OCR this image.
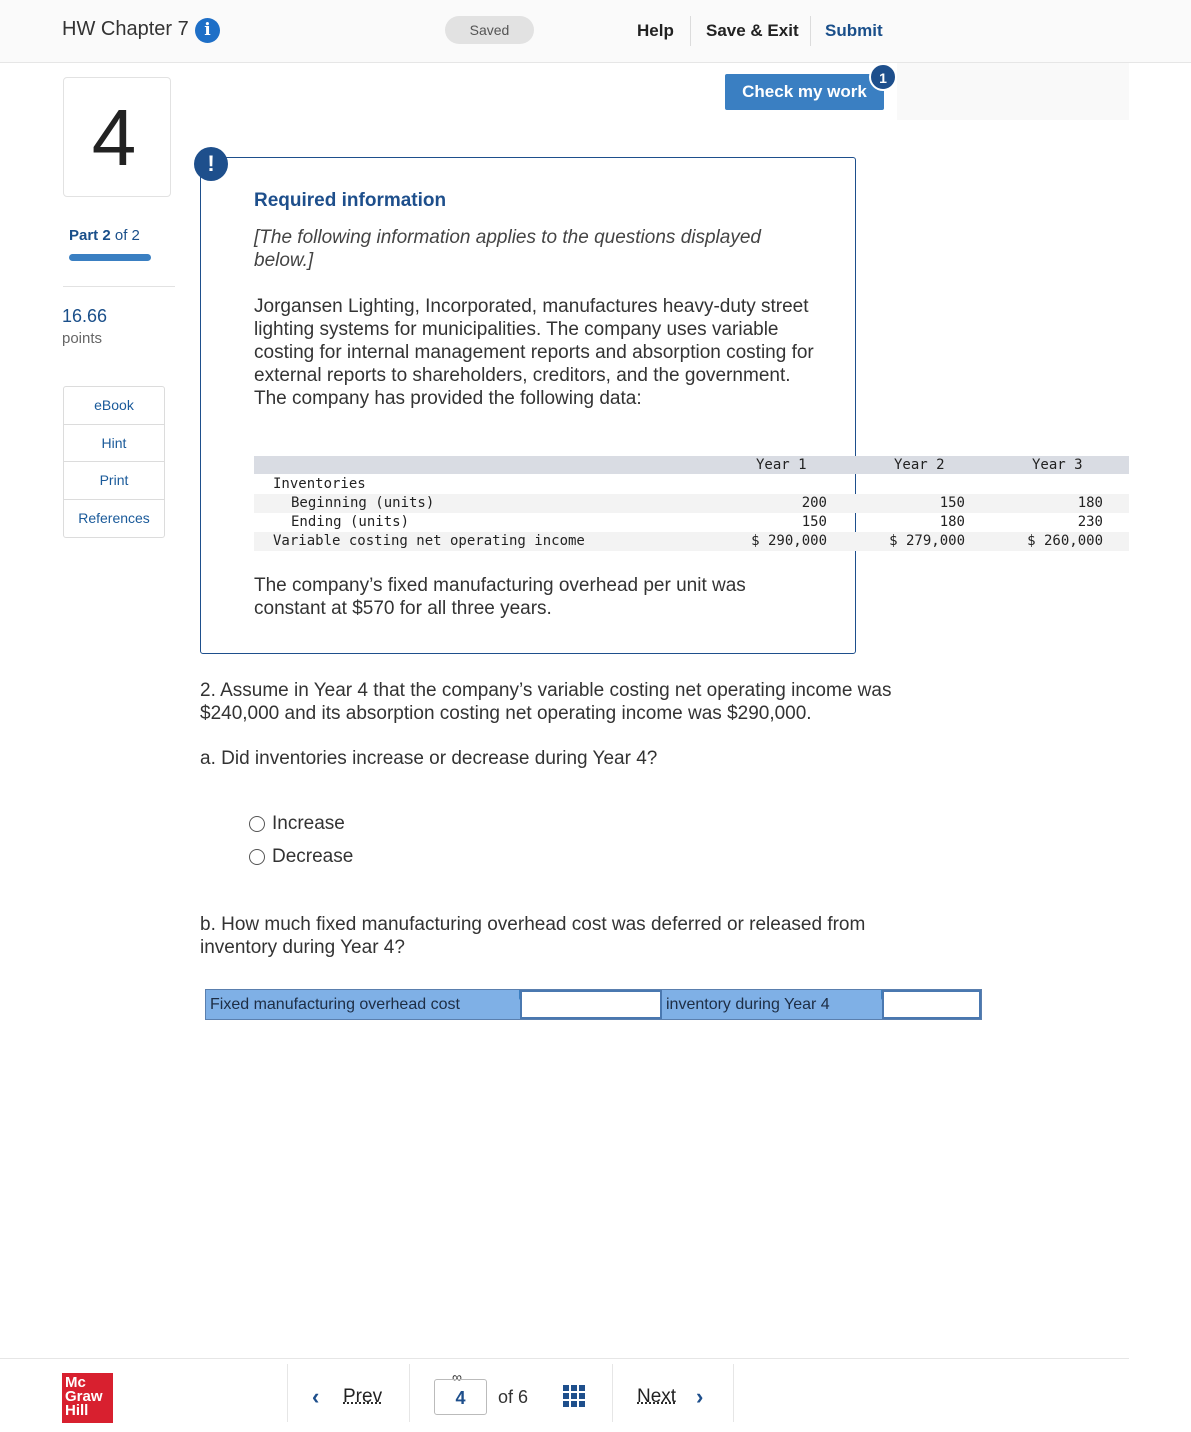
HW Chapter 7 i	Saved	Help Save & Exit Submit
Check my work
1
4
Part 2 of 2
16.66
points
eBook
Hint
Print
References
!
Required information
[The following information applies to the questions displayed below.]
Jorgansen Lighting, Incorporated, manufactures heavy-duty street lighting systems for municipalities. The company uses variable costing for internal management reports and absorption costing for external reports to shareholders, creditors, and the government. The company has provided the following data:
Year 1	Year 2	Year 3
Inventories
Beginning (units)	200	150	180
Ending (units)	150	180	230
Variable costing net operating income	$ 290,000	$ 279,000	$ 260,000
The company’s fixed manufacturing overhead per unit was constant at $570 for all three years.
2. Assume in Year 4 that the company’s variable costing net operating income was $240,000 and its absorption costing net operating income was $290,000.
a. Did inventories increase or decrease during Year 4?
Increase
Decrease
b. How much fixed manufacturing overhead cost was deferred or released from inventory during Year 4?
Fixed manufacturing overhead cost	inventory during Year 4
Mc
Graw
Hill
‹ Prev
∞
4	of 6	Next ›
